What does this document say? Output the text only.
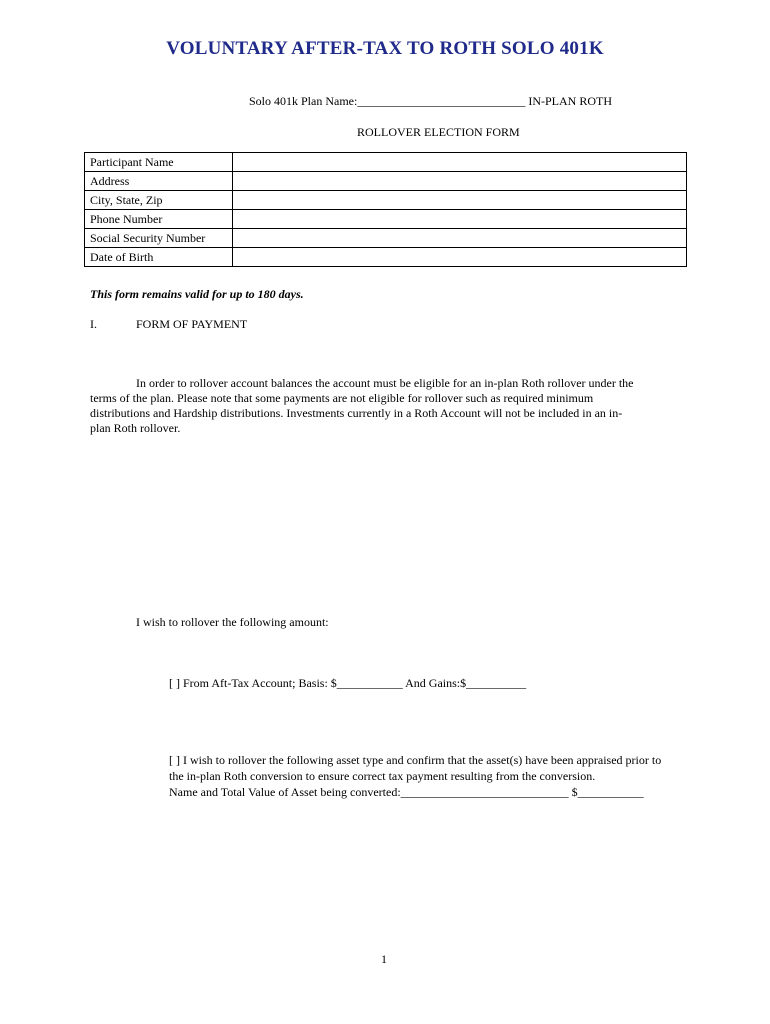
VOLUNTARY AFTER-TAX TO ROTH SOLO 401K
Solo 401k Plan Name:____________________________ IN-PLAN ROTH
ROLLOVER ELECTION FORM
Participant Name	
Address	
City, State, Zip	
Phone Number	
Social Security Number	
Date of Birth	
This form remains valid for up to 180 days.
I.	FORM OF PAYMENT
In order to rollover account balances the account must be eligible for an in-plan Roth rollover under the
terms of the plan. Please note that some payments are not eligible for rollover such as required minimum
distributions and Hardship distributions. Investments currently in a Roth Account will not be included in an in-
plan Roth rollover.
I wish to rollover the following amount:
[ ] From Aft-Tax Account; Basis: $___________ And Gains:$__________
[ ] I wish to rollover the following asset type and confirm that the asset(s) have been appraised prior to
the in-plan Roth conversion to ensure correct tax payment resulting from the conversion.
Name and Total Value of Asset being converted:____________________________ $___________
1
